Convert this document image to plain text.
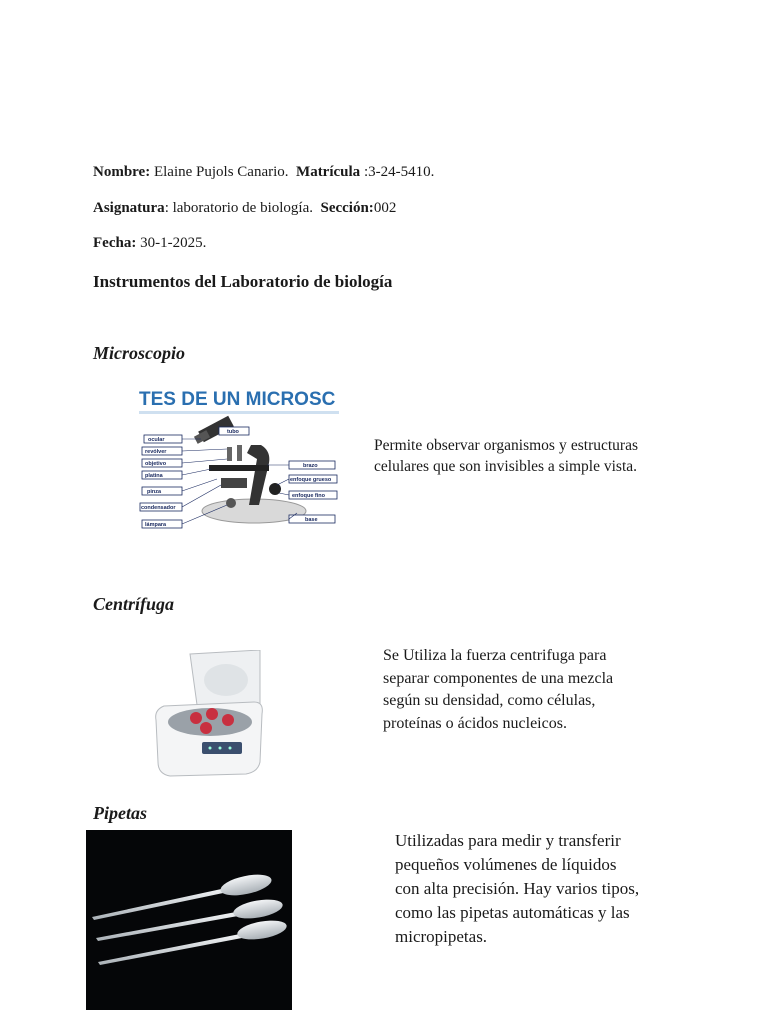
Nombre: Elaine Pujols Canario. Matrícula :3-24-5410.
Asignatura: laboratorio de biología. Sección:002
Fecha: 30-1-2025.
Instrumentos del Laboratorio de biología
Microscopio
TES DE UN MICROSC
tubo
ocular
revólver
objetivo
platina
pinza
condensador
lámpara
brazo
enfoque grueso
enfoque fino
base
Permite observar organismos y estructuras celulares que son invisibles a simple vista.
Centrífuga
Se Utiliza la fuerza centrifuga para separar componentes de una mezcla según su densidad, como células, proteínas o ácidos nucleicos.
Pipetas
Utilizadas para medir y transferir pequeños volúmenes de líquidos con alta precisión. Hay varios tipos, como las pipetas automáticas y las micropipetas.
